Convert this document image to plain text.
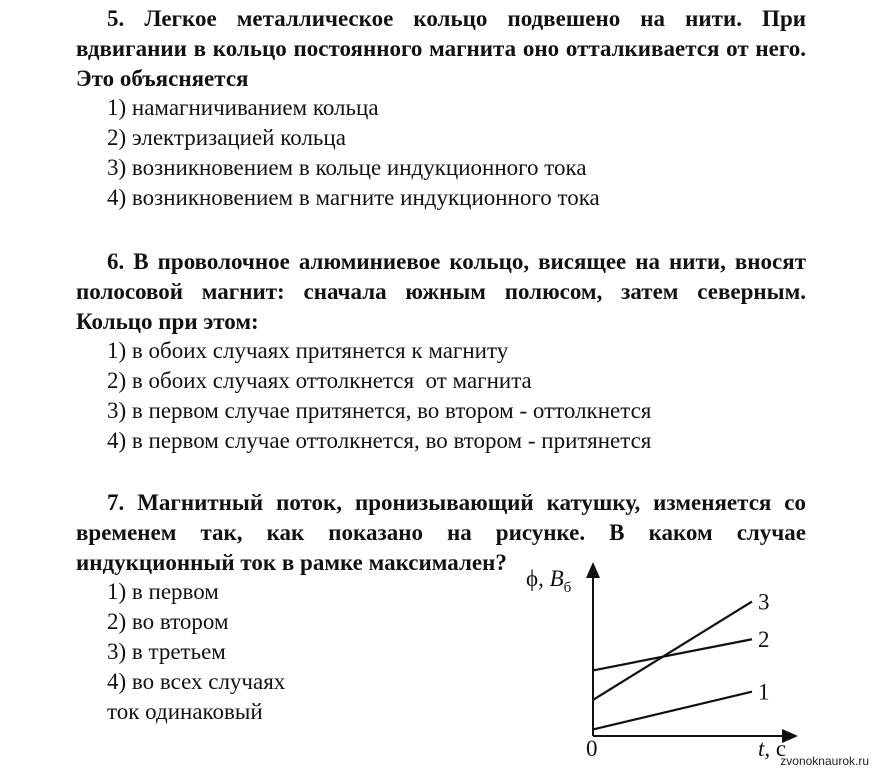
5. Легкое металлическое кольцо подвешено на нити. При вдвигании в кольцо постоянного магнита оно отталкивается от него. Это объясняется
1) намагничиванием кольца
2) электризацией кольца
3) возникновением в кольце индукционного тока
4) возникновением в магните индукционного тока
6. В проволочное алюминиевое кольцо, висящее на нити, вносят полосовой магнит: сначала южным полюсом, затем северным. Кольцо при этом:
1) в обоих случаях притянется к магниту
2) в обоих случаях оттолкнется  от магнита
3) в первом случае притянется, во втором - оттолкнется
4) в первом случае оттолкнется, во втором - притянется
7. Магнитный поток, пронизывающий катушку, изменяется со временем так, как показано на рисунке. В каком случае индукционный ток в рамке максимален?
1) в первом
2) во втором
3) в третьем
4) во всех случаях
ток одинаковый
1
2
3
ϕ, $B_б$
0	t, c
zvonoknaurok.ru
